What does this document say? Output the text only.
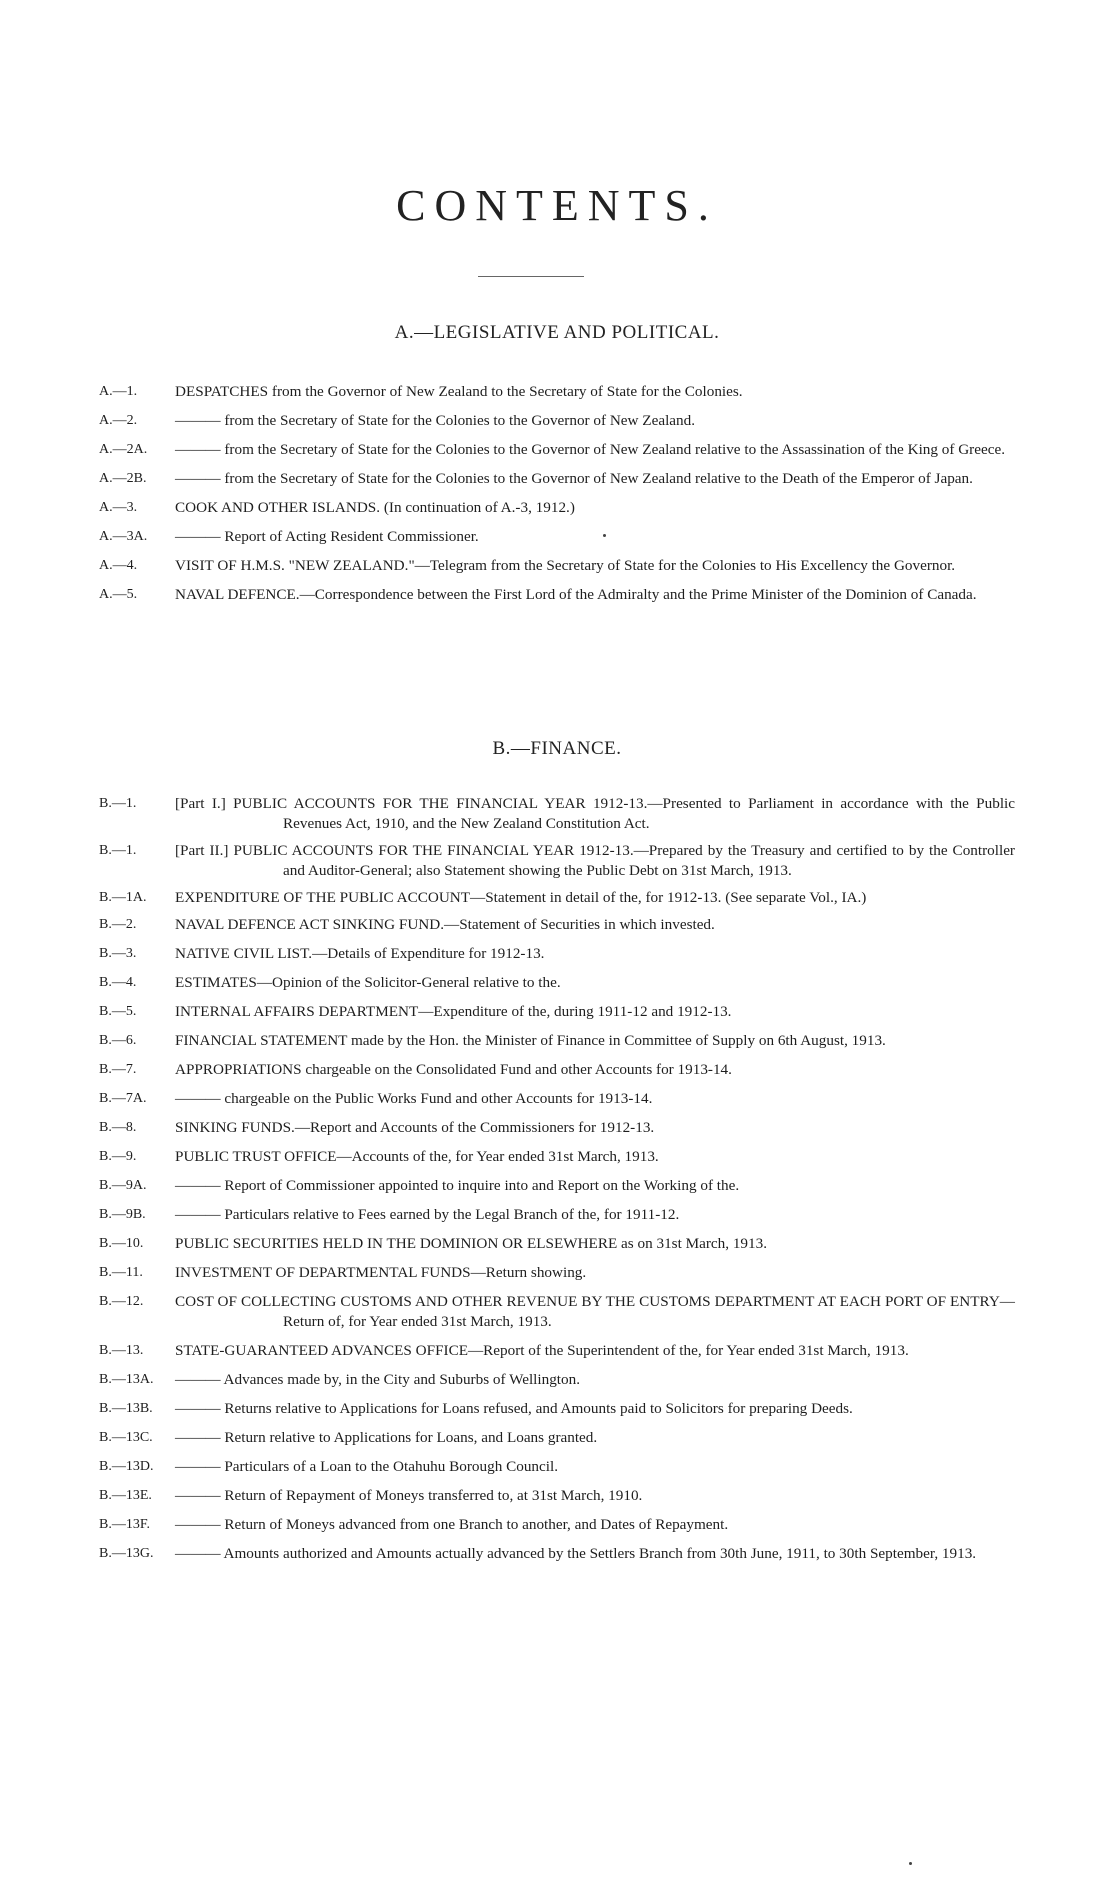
CONTENTS.
A.—LEGISLATIVE AND POLITICAL.
A.—1.	DESPATCHES from the Governor of New Zealand to the Secretary of State for the Colonies.
A.—2.	——— from the Secretary of State for the Colonies to the Governor of New Zealand.
A.—2A.	——— from the Secretary of State for the Colonies to the Governor of New Zealand relative to the Assassination of the King of Greece.
A.—2B.	——— from the Secretary of State for the Colonies to the Governor of New Zealand relative to the Death of the Emperor of Japan.
A.—3.	COOK AND OTHER ISLANDS. (In continuation of A.-3, 1912.)
A.—3A.	——— Report of Acting Resident Commissioner.
A.—4.	VISIT OF H.M.S. "NEW ZEALAND."—Telegram from the Secretary of State for the Colonies to His Excellency the Governor.
A.—5.	NAVAL DEFENCE.—Correspondence between the First Lord of the Admiralty and the Prime Minister of the Dominion of Canada.
B.—FINANCE.
B.—1.	[Part I.] PUBLIC ACCOUNTS FOR THE FINANCIAL YEAR 1912-13.—Presented to Parliament in accordance with the Public Revenues Act, 1910, and the New Zealand Constitution Act.
B.—1.	[Part II.] PUBLIC ACCOUNTS FOR THE FINANCIAL YEAR 1912-13.—Prepared by the Treasury and certified to by the Controller and Auditor-General; also Statement showing the Public Debt on 31st March, 1913.
B.—1A.	EXPENDITURE OF THE PUBLIC ACCOUNT—Statement in detail of the, for 1912-13. (See separate Vol., IA.)
B.—2.	NAVAL DEFENCE ACT SINKING FUND.—Statement of Securities in which invested.
B.—3.	NATIVE CIVIL LIST.—Details of Expenditure for 1912-13.
B.—4.	ESTIMATES—Opinion of the Solicitor-General relative to the.
B.—5.	INTERNAL AFFAIRS DEPARTMENT—Expenditure of the, during 1911-12 and 1912-13.
B.—6.	FINANCIAL STATEMENT made by the Hon. the Minister of Finance in Committee of Supply on 6th August, 1913.
B.—7.	APPROPRIATIONS chargeable on the Consolidated Fund and other Accounts for 1913-14.
B.—7A.	——— chargeable on the Public Works Fund and other Accounts for 1913-14.
B.—8.	SINKING FUNDS.—Report and Accounts of the Commissioners for 1912-13.
B.—9.	PUBLIC TRUST OFFICE—Accounts of the, for Year ended 31st March, 1913.
B.—9A.	——— Report of Commissioner appointed to inquire into and Report on the Working of the.
B.—9B.	——— Particulars relative to Fees earned by the Legal Branch of the, for 1911-12.
B.—10.	PUBLIC SECURITIES HELD IN THE DOMINION OR ELSEWHERE as on 31st March, 1913.
B.—11.	INVESTMENT OF DEPARTMENTAL FUNDS—Return showing.
B.—12.	COST OF COLLECTING CUSTOMS AND OTHER REVENUE BY THE CUSTOMS DEPARTMENT AT EACH PORT OF ENTRY—Return of, for Year ended 31st March, 1913.
B.—13.	STATE-GUARANTEED ADVANCES OFFICE—Report of the Superintendent of the, for Year ended 31st March, 1913.
B.—13A.	——— Advances made by, in the City and Suburbs of Wellington.
B.—13B.	——— Returns relative to Applications for Loans refused, and Amounts paid to Solicitors for preparing Deeds.
B.—13C.	——— Return relative to Applications for Loans, and Loans granted.
B.—13D.	——— Particulars of a Loan to the Otahuhu Borough Council.
B.—13E.	——— Return of Repayment of Moneys transferred to, at 31st March, 1910.
B.—13F.	——— Return of Moneys advanced from one Branch to another, and Dates of Repayment.
B.—13G.	——— Amounts authorized and Amounts actually advanced by the Settlers Branch from 30th June, 1911, to 30th September, 1913.
